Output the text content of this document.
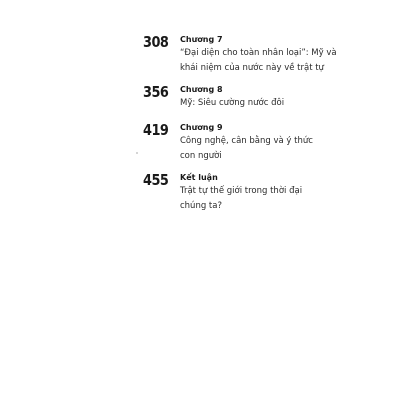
308 Chương 7

“Đại diện cho toàn nhân loại”: Mỹ và
khái niệm của nước này về trật tự

356 Chương 8

Mỹ: Siêu cường nước đôi

419 Chương 9

Công nghệ, cân bằng và ý thức
con người

455 Kết luận

Trật tự thế giới trong thời đại
chúng ta?
